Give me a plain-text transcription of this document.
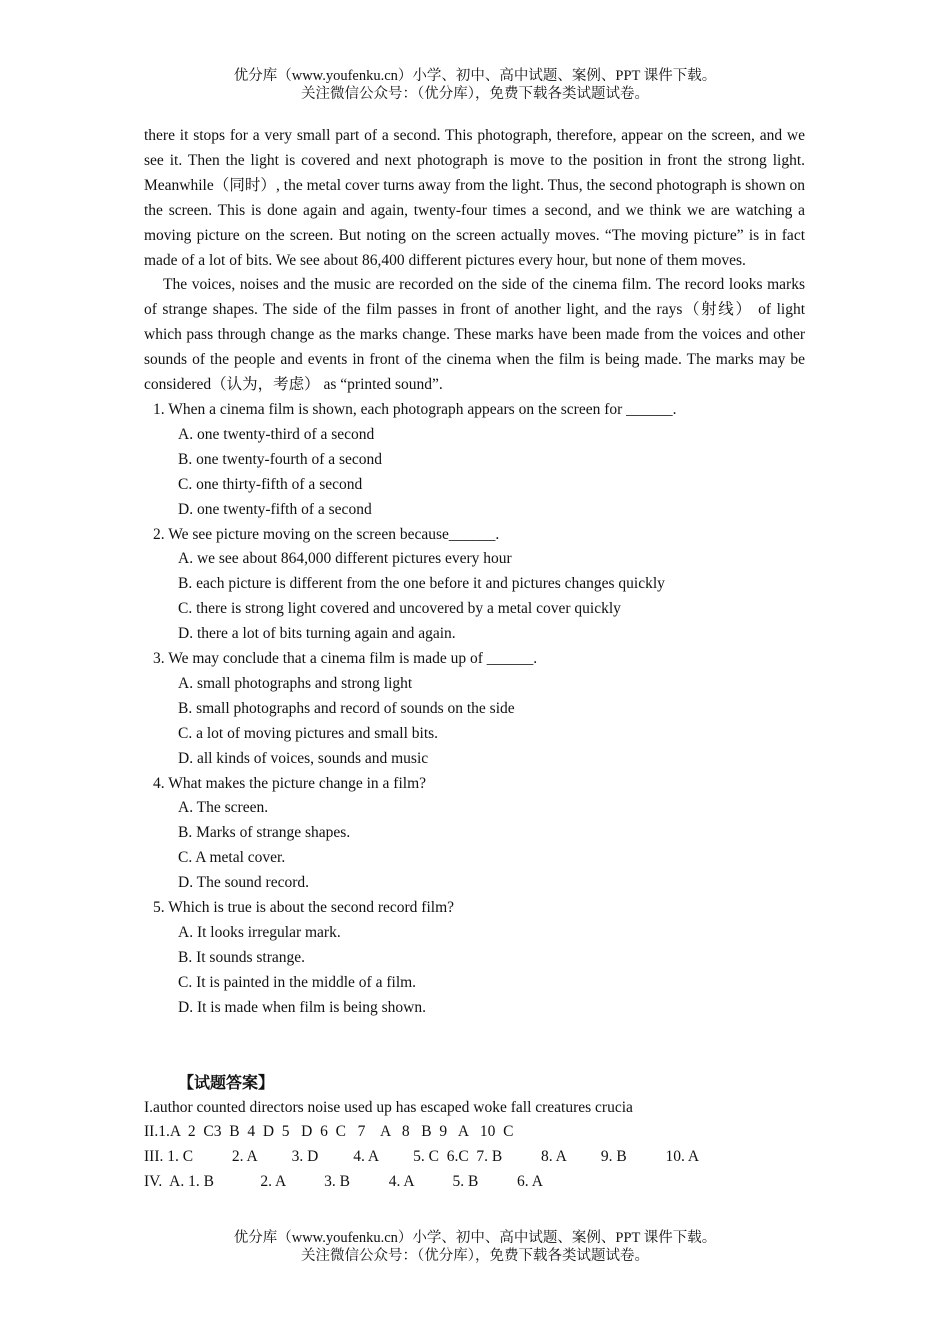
优分库（www.youfenku.cn）小学、初中、高中试题、案例、PPT 课件下载。
关注微信公众号：（优分库），免费下载各类试题试卷。

there it stops for a very small part of a second. This photograph, therefore, appear on the screen, and we see it. Then the light is covered and next photograph is move to the position in front the strong light. Meanwhile（同时）, the metal cover turns away from the light. Thus, the second photograph is shown on the screen. This is done again and again, twenty-four times a second, and we think we are watching a moving picture on the screen. But noting on the screen actually moves. “The moving picture” is in fact made of a lot of bits. We see about 86,400 different pictures every hour, but none of them moves.

The voices, noises and the music are recorded on the side of the cinema film. The record looks marks of strange shapes. The side of the film passes in front of another light, and the rays（射线） of light which pass through change as the marks change. These marks have been made from the voices and other sounds of the people and events in front of the cinema when the film is being made. The marks may be considered（认为，考虑） as “printed sound”.

1. When a cinema film is shown, each photograph appears on the screen for ______.
A. one twenty-third of a second
B. one twenty-fourth of a second
C. one thirty-fifth of a second
D. one twenty-fifth of a second
2. We see picture moving on the screen because______.
A. we see about 864,000 different pictures every hour
B. each picture is different from the one before it and pictures changes quickly
C. there is strong light covered and uncovered by a metal cover quickly
D. there a lot of bits turning again and again.
3. We may conclude that a cinema film is made up of ______.
A. small photographs and strong light
B. small photographs and record of sounds on the side
C. a lot of moving pictures and small bits.
D. all kinds of voices, sounds and music
4. What makes the picture change in a film?
A. The screen.
B. Marks of strange shapes.
C. A metal cover.
D. The sound record.
5. Which is true is about the second record film?
A. It looks irregular mark.
B. It sounds strange.
C. It is painted in the middle of a film.
D. It is made when film is being shown.
【试题答案】
I.author counted directors noise used up has escaped woke fall creatures crucia
II.1.A  2  C3  B  4  D  5   D  6  C   7    A   8   B  9   A   10  C
III. 1. C          2. A         3. D         4. A         5. C  6.C  7. B          8. A         9. B          10. A
IV.  A. 1. B            2. A          3. B          4. A          5. B          6. A
优分库（www.youfenku.cn）小学、初中、高中试题、案例、PPT 课件下载。
关注微信公众号：（优分库），免费下载各类试题试卷。
